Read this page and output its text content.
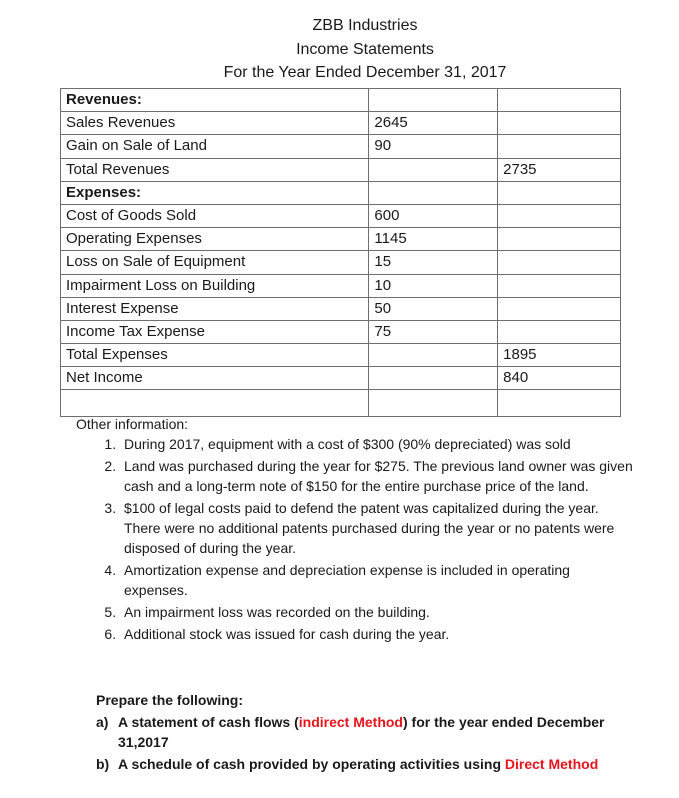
ZBB Industries
Income Statements
For the Year Ended December 31, 2017
Revenues:		
Sales Revenues	2645	
Gain on Sale of Land	90	
Total Revenues		2735
Expenses:		
Cost of Goods Sold	600	
Operating Expenses	1145	
Loss on Sale of Equipment	15	
Impairment Loss on Building	10	
Interest Expense	50	
Income Tax Expense	75	
Total Expenses		1895
Net Income		840

Other information:

1. During 2017, equipment with a cost of $300 (90% depreciated) was sold

2. Land was purchased during the year for $275. The previous land owner was given cash and a long-term note of $150 for the entire purchase price of the land.

3. $100 of legal costs paid to defend the patent was capitalized during the year. There were no additional patents purchased during the year or no patents were disposed of during the year.

4. Amortization expense and depreciation expense is included in operating expenses.

5. An impairment loss was recorded on the building.

6. Additional stock was issued for cash during the year.

Prepare the following:
a) A statement of cash flows (indirect Method) for the year ended December 31,2017
b) A schedule of cash provided by operating activities using Direct Method
